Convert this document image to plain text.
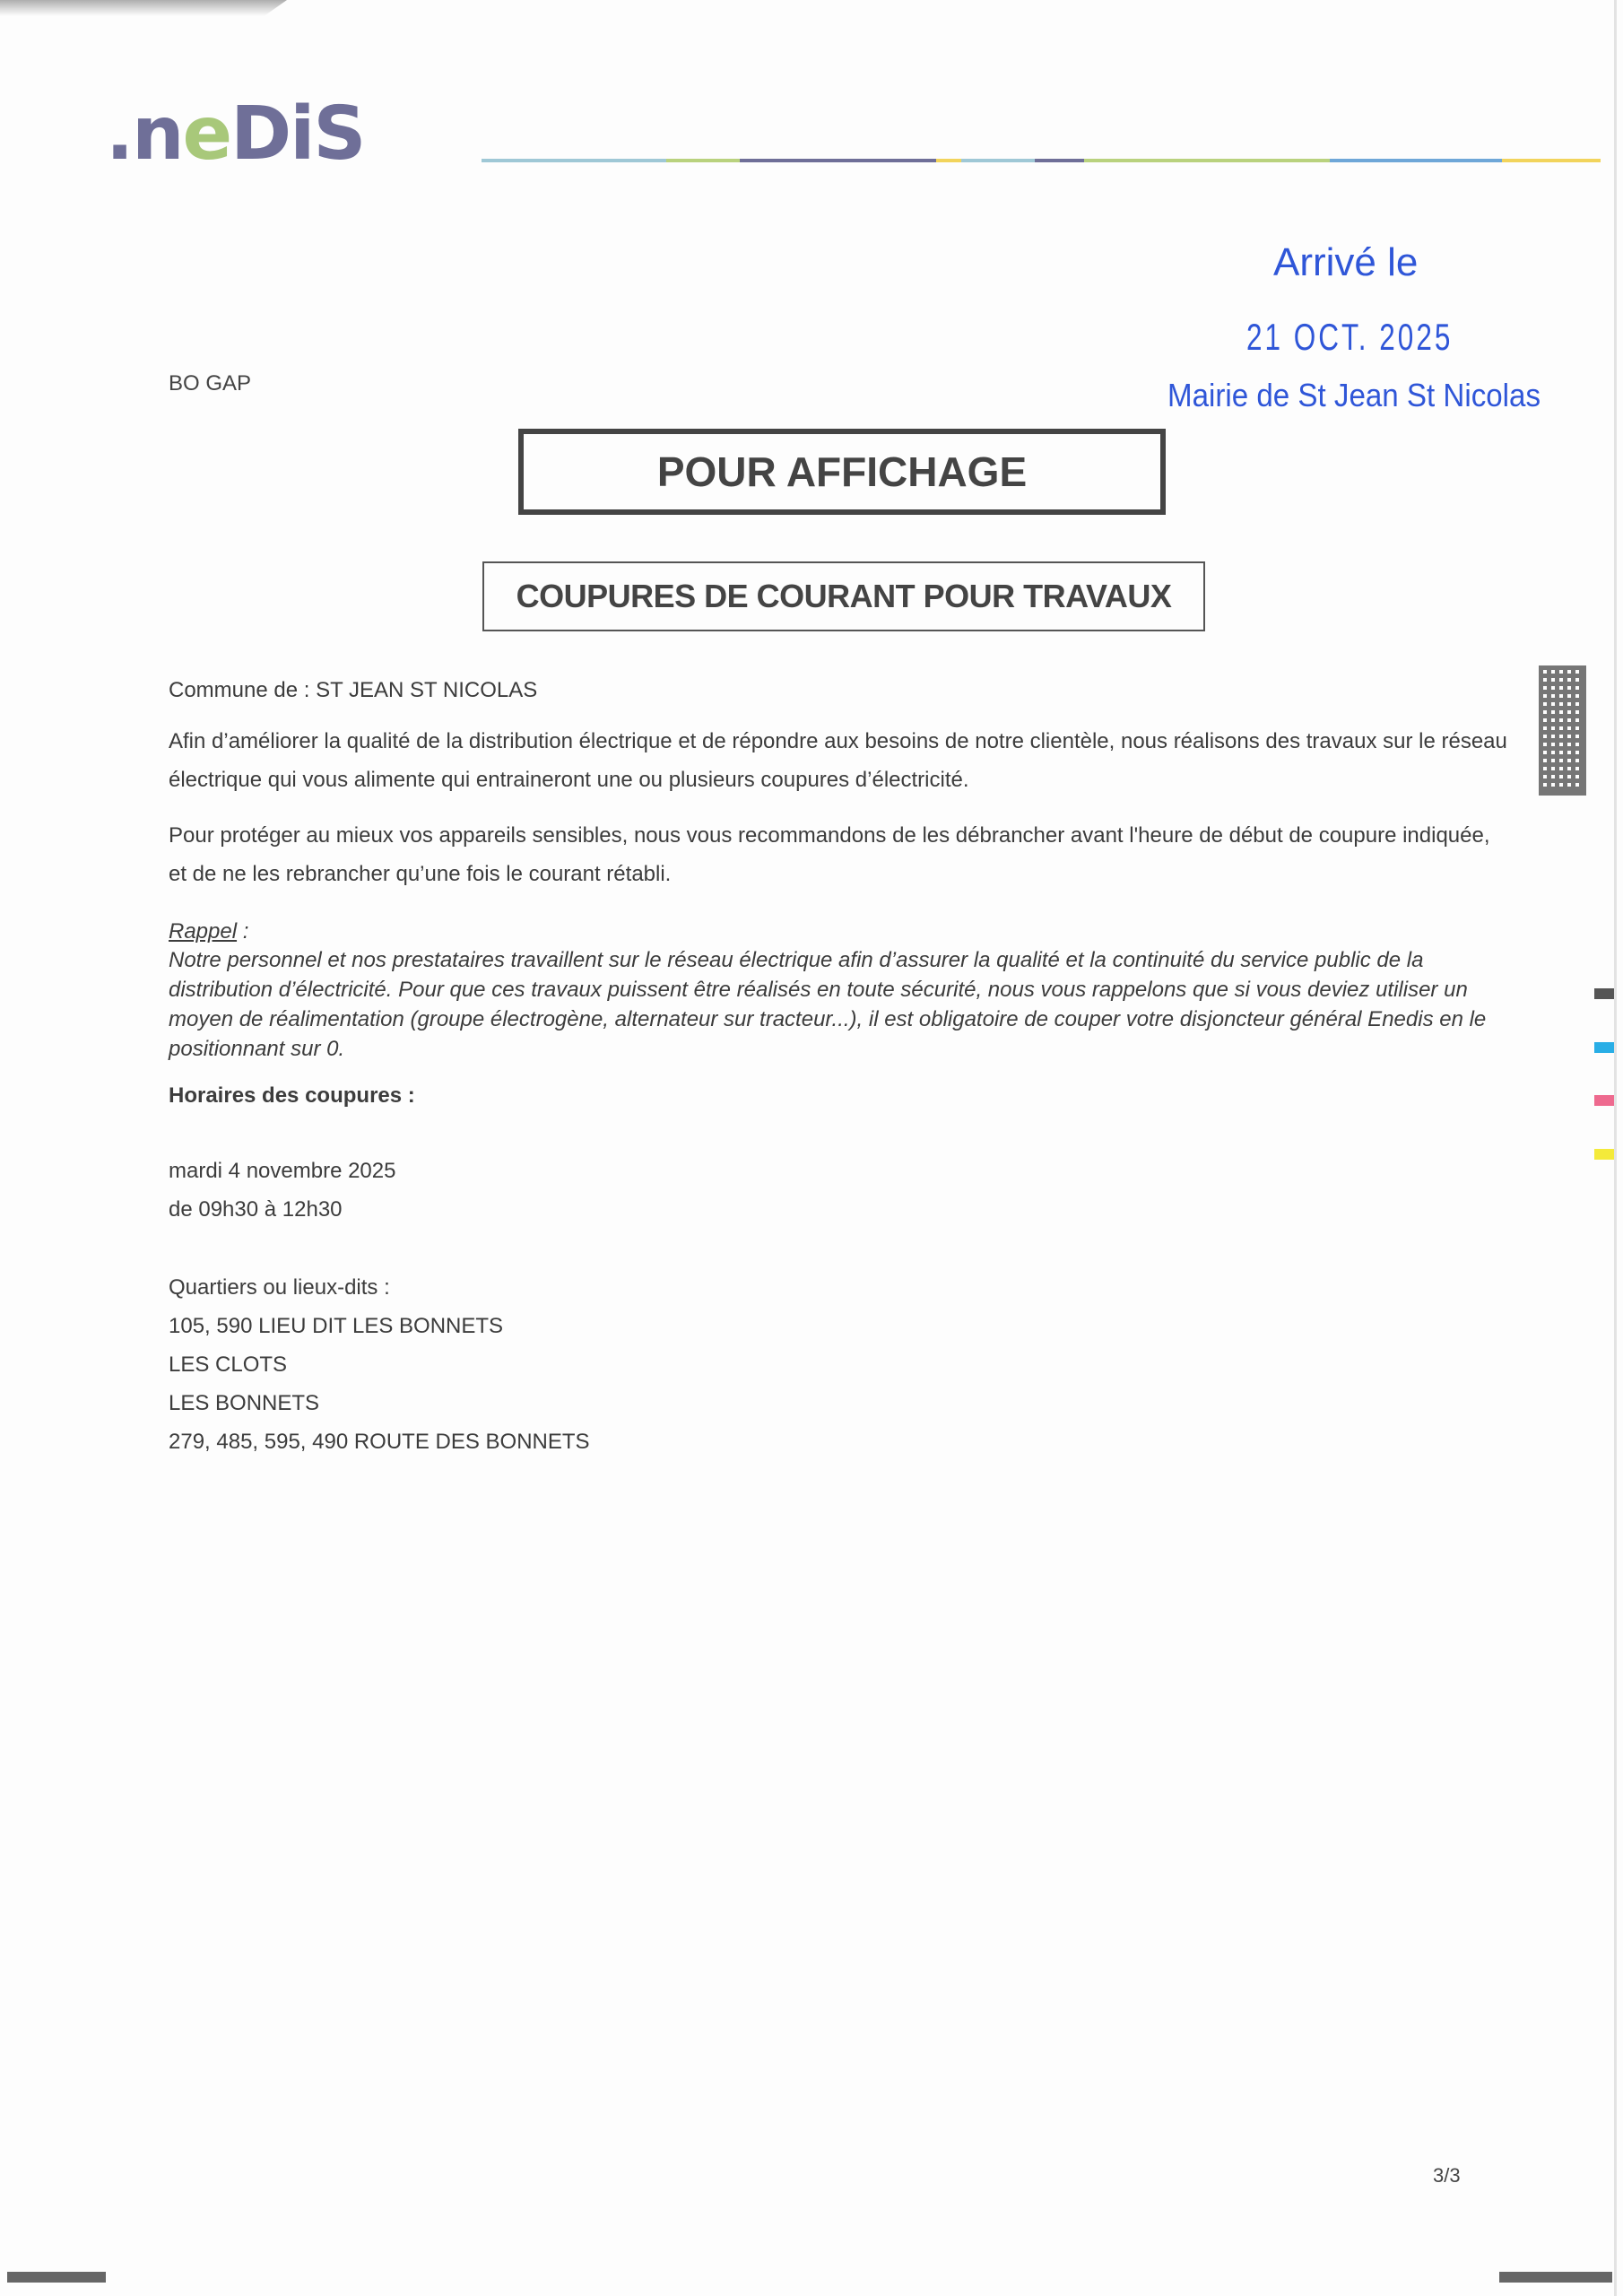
.neDiS
Arrivé le
21 OCT. 2025
Mairie de St Jean St Nicolas
BO GAP
POUR AFFICHAGE
COUPURES DE COURANT POUR TRAVAUX
Commune de : ST JEAN ST NICOLAS
Afin d’améliorer la qualité de la distribution électrique et de répondre aux besoins de notre clientèle, nous réalisons des travaux sur le réseau électrique qui vous alimente qui entraineront une ou plusieurs coupures d’électricité.
Pour protéger au mieux vos appareils sensibles, nous vous recommandons de les débrancher avant l'heure de début de coupure indiquée, et de ne les rebrancher qu’une fois le courant rétabli.
Rappel :
Notre personnel et nos prestataires travaillent sur le réseau électrique afin d’assurer la qualité et la continuité du service public de la distribution d’électricité. Pour que ces travaux puissent être réalisés en toute sécurité, nous vous rappelons que si vous deviez utiliser un moyen de réalimentation (groupe électrogène, alternateur sur tracteur...), il est obligatoire de couper votre disjoncteur général Enedis en le positionnant sur 0.
Horaires des coupures :
mardi 4 novembre 2025
de 09h30 à 12h30
Quartiers ou lieux-dits :
105, 590 LIEU DIT LES BONNETS
LES CLOTS
LES BONNETS
279, 485, 595, 490 ROUTE DES BONNETS
3/3
